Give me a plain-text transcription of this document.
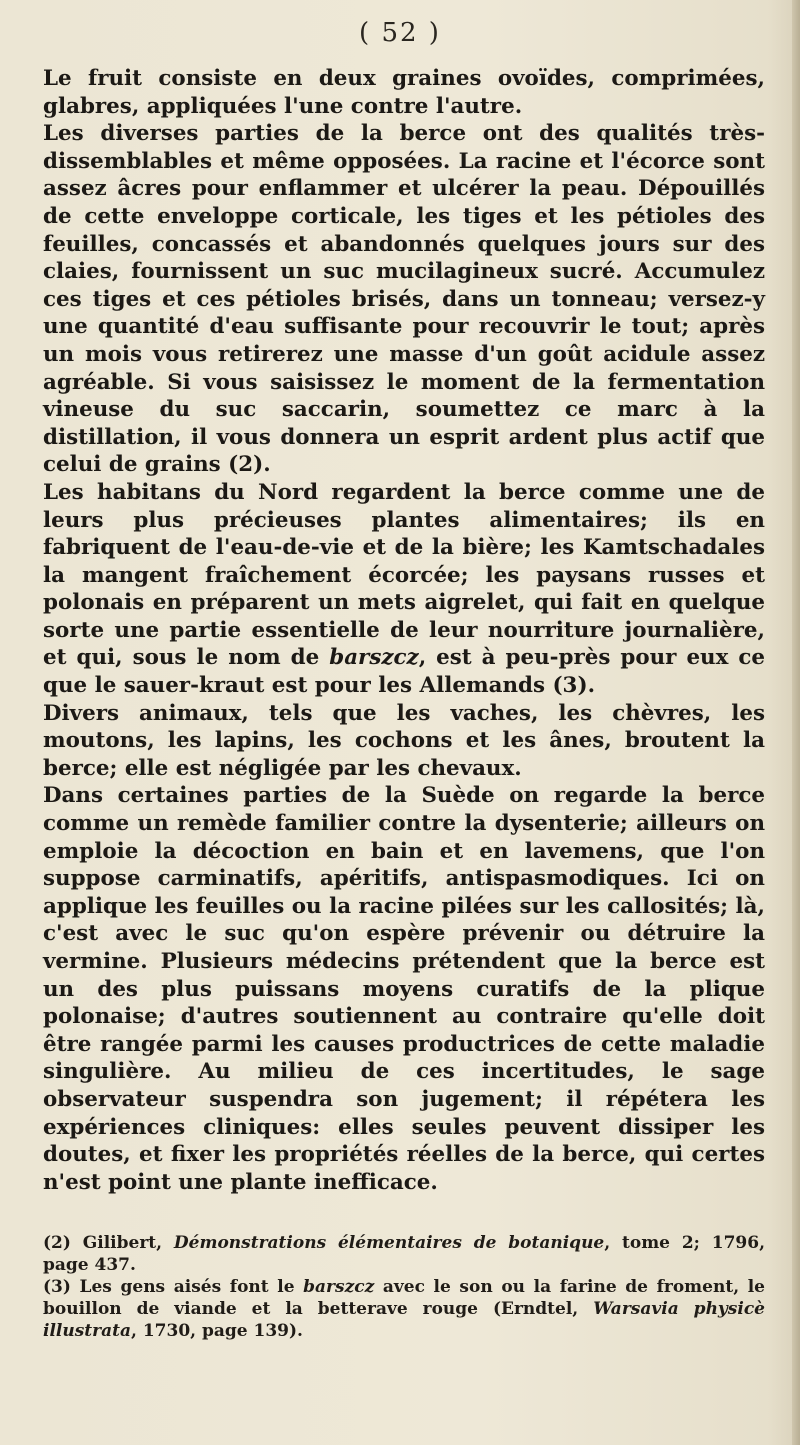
( 52 )

Le fruit consiste en deux graines ovoïdes, comprimées, glabres, appliquées l'une contre l'autre.

Les diverses parties de la berce ont des qualités très-dissemblables et même opposées. La racine et l'écorce sont assez âcres pour enflammer et ulcérer la peau. Dépouillés de cette enveloppe corticale, les tiges et les pétioles des feuilles, concassés et abandonnés quelques jours sur des claies, fournissent un suc mucilagineux sucré. Accumulez ces tiges et ces pétioles brisés, dans un tonneau; versez-y une quantité d'eau suffisante pour recouvrir le tout; après un mois vous retirerez une masse d'un goût acidule assez agréable. Si vous saisissez le moment de la fermentation vineuse du suc saccarin, soumettez ce marc à la distillation, il vous donnera un esprit ardent plus actif que celui de grains (2).

Les habitans du Nord regardent la berce comme une de leurs plus précieuses plantes alimentaires; ils en fabriquent de l'eau-de-vie et de la bière; les Kamtschadales la mangent fraîchement écorcée; les paysans russes et polonais en préparent un mets aigrelet, qui fait en quelque sorte une partie essentielle de leur nourriture journalière, et qui, sous le nom de barszcz, est à peu-près pour eux ce que le sauer-kraut est pour les Allemands (3).

Divers animaux, tels que les vaches, les chèvres, les moutons, les lapins, les cochons et les ânes, broutent la berce; elle est négligée par les chevaux.

Dans certaines parties de la Suède on regarde la berce comme un remède familier contre la dysenterie; ailleurs on emploie la décoction en bain et en lavemens, que l'on suppose carminatifs, apéritifs, antispasmodiques. Ici on applique les feuilles ou la racine pilées sur les callosités; là, c'est avec le suc qu'on espère prévenir ou détruire la vermine. Plusieurs médecins prétendent que la berce est un des plus puissans moyens curatifs de la plique polonaise; d'autres soutiennent au contraire qu'elle doit être rangée parmi les causes productrices de cette maladie singulière. Au milieu de ces incertitudes, le sage observateur suspendra son jugement; il répétera les expériences cliniques: elles seules peuvent dissiper les doutes, et fixer les propriétés réelles de la berce, qui certes n'est point une plante inefficace.

(2) Gilibert, Démonstrations élémentaires de botanique, tome 2; 1796, page 437.

(3) Les gens aisés font le barszcz avec le son ou la farine de froment, le bouillon de viande et la betterave rouge (Erndtel, Warsavia physicè illustrata, 1730, page 139).
